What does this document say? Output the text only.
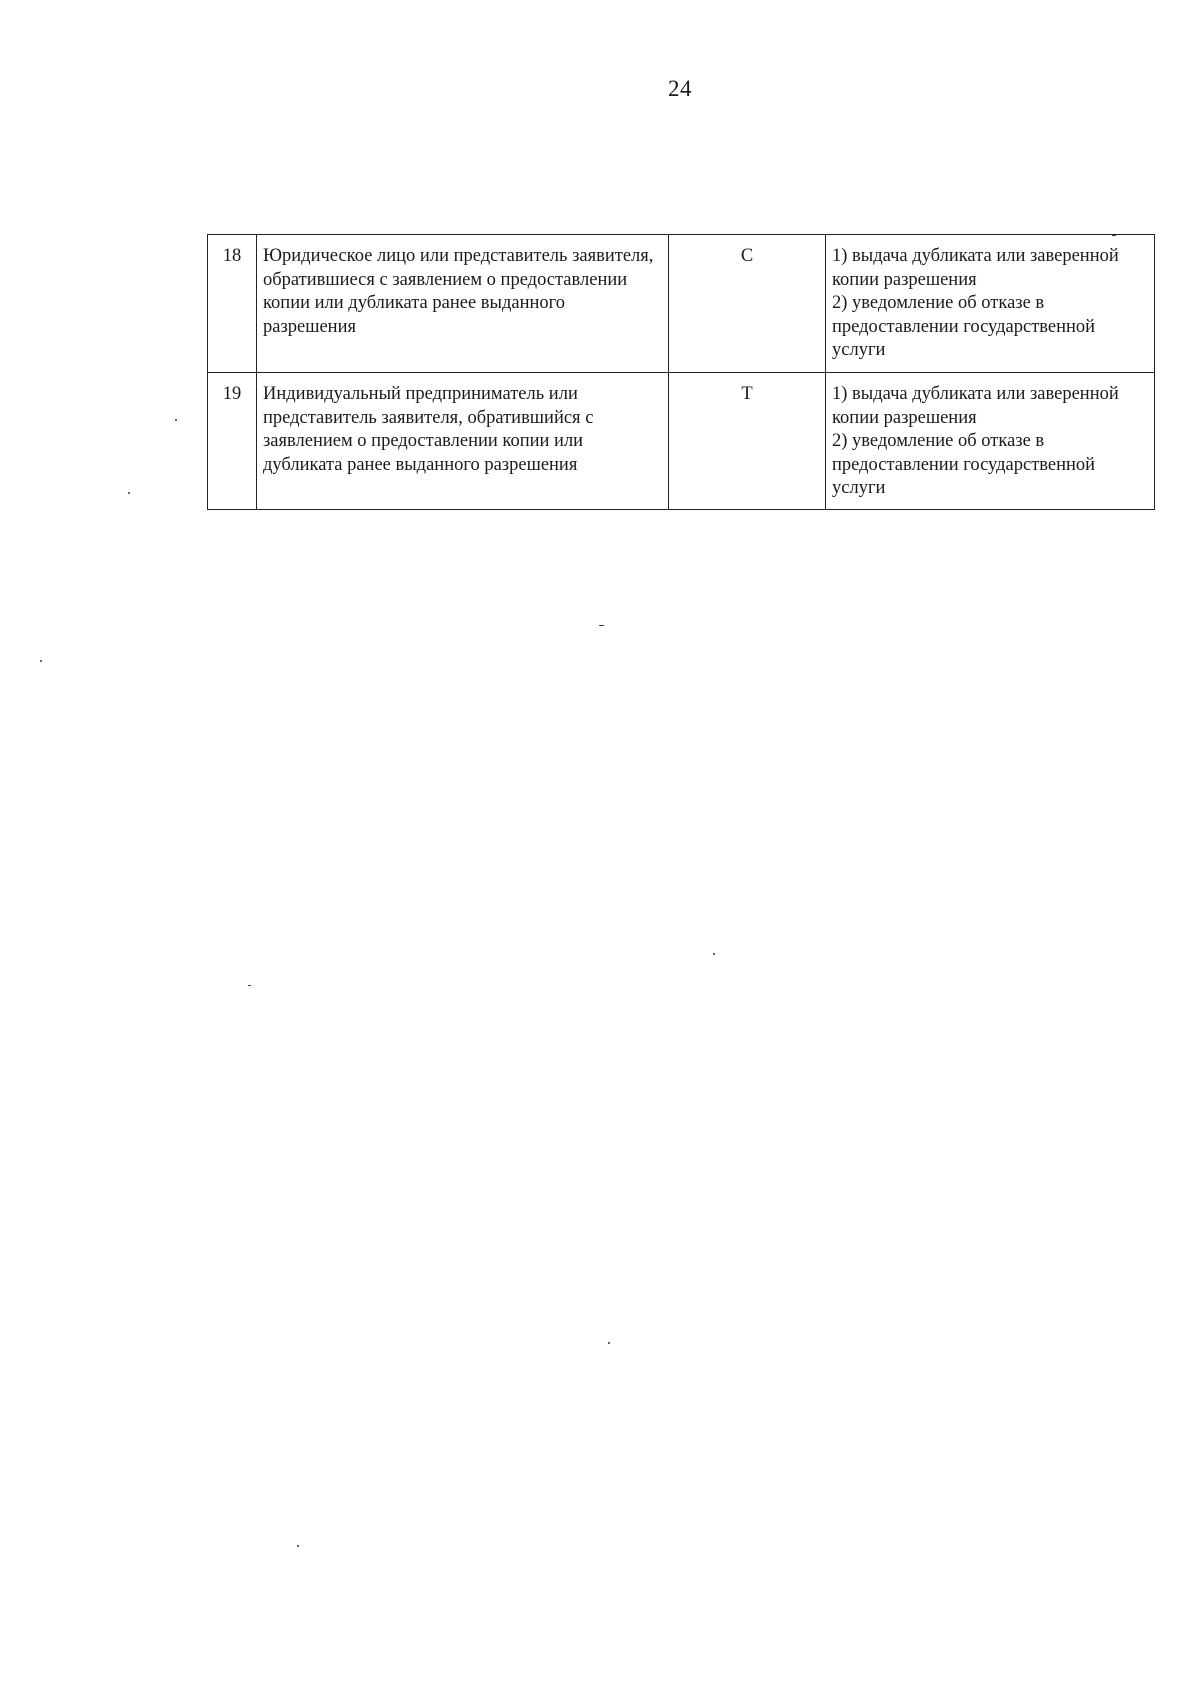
24
18	Юридическое лицо или представитель заявителя, обратившиеся с заявлением о предоставлении копии или дубликата ранее выданного разрешения	С	1) выдача дубликата или заверенной копии разрешения
2) уведомление об отказе в предоставлении государственной услуги

19	Индивидуальный предприниматель или представитель заявителя, обратившийся с заявлением о предоставлении копии или дубликата ранее выданного разрешения	Т	1) выдача дубликата или заверенной копии разрешения
2) уведомление об отказе в предоставлении государственной услуги
